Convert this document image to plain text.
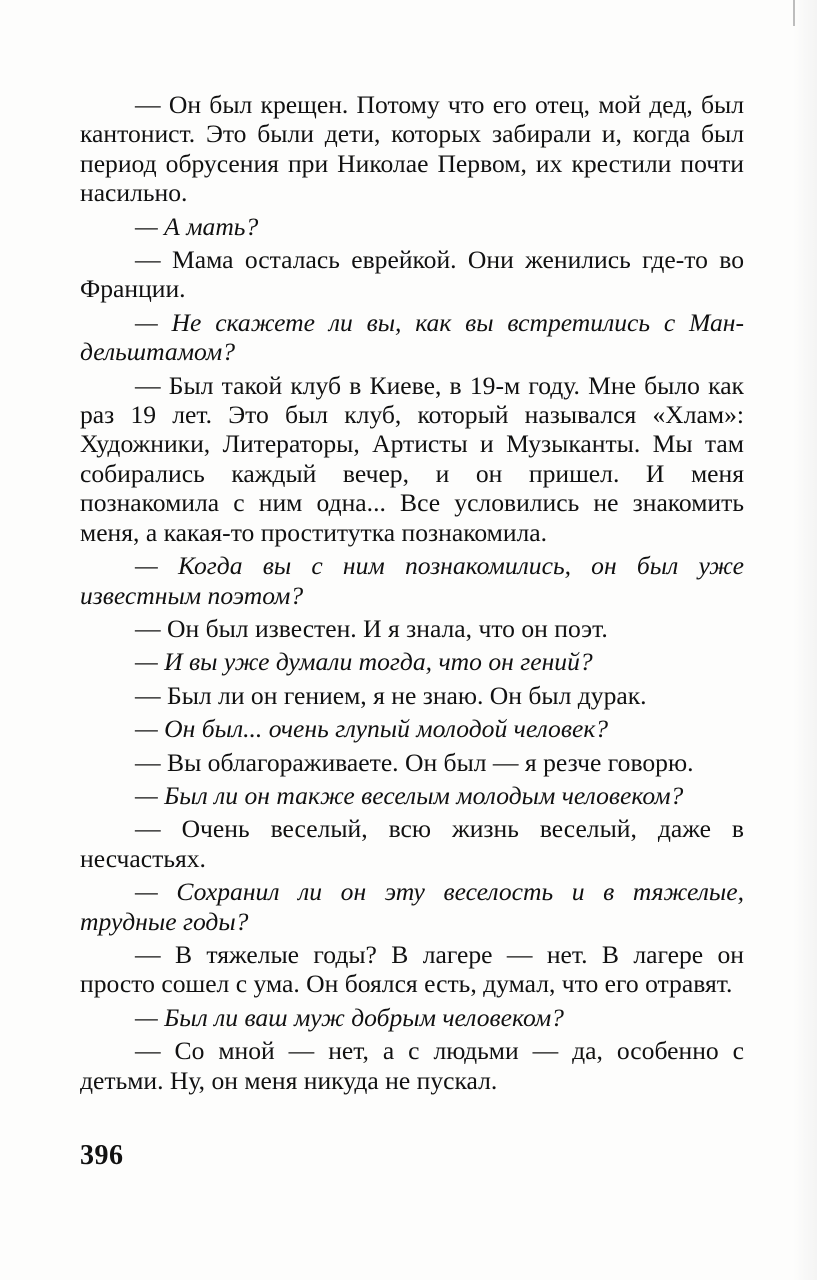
— Он был крещен. Потому что его отец, мой дед, был кантонист. Это были дети, которых забирали и, когда был период обрусения при Николае Первом, их крестили почти насильно.

— А мать?

— Мама осталась еврейкой. Они женились где-то во Франции.

— Не скажете ли вы, как вы встретились с Мандельштамом?

— Был такой клуб в Киеве, в 19-м году. Мне было как раз 19 лет. Это был клуб, который назывался «Хлам»: Художники, Литераторы, Артисты и Музыканты. Мы там собирались каждый вечер, и он пришел. И меня познакомила с ним одна... Все условились не знакомить меня, а какая-то проститутка познакомила.

— Когда вы с ним познакомились, он был уже известным поэтом?

— Он был известен. И я знала, что он поэт.

— И вы уже думали тогда, что он гений?

— Был ли он гением, я не знаю. Он был дурак.

— Он был... очень глупый молодой человек?

— Вы облагораживаете. Он был — я резче говорю.

— Был ли он также веселым молодым человеком?

— Очень веселый, всю жизнь веселый, даже в несчастьях.

— Сохранил ли он эту веселость и в тяжелые, трудные годы?

— В тяжелые годы? В лагере — нет. В лагере он просто сошел с ума. Он боялся есть, думал, что его отравят.

— Был ли ваш муж добрым человеком?

— Со мной — нет, а с людьми — да, особенно с детьми. Ну, он меня никуда не пускал.

396
